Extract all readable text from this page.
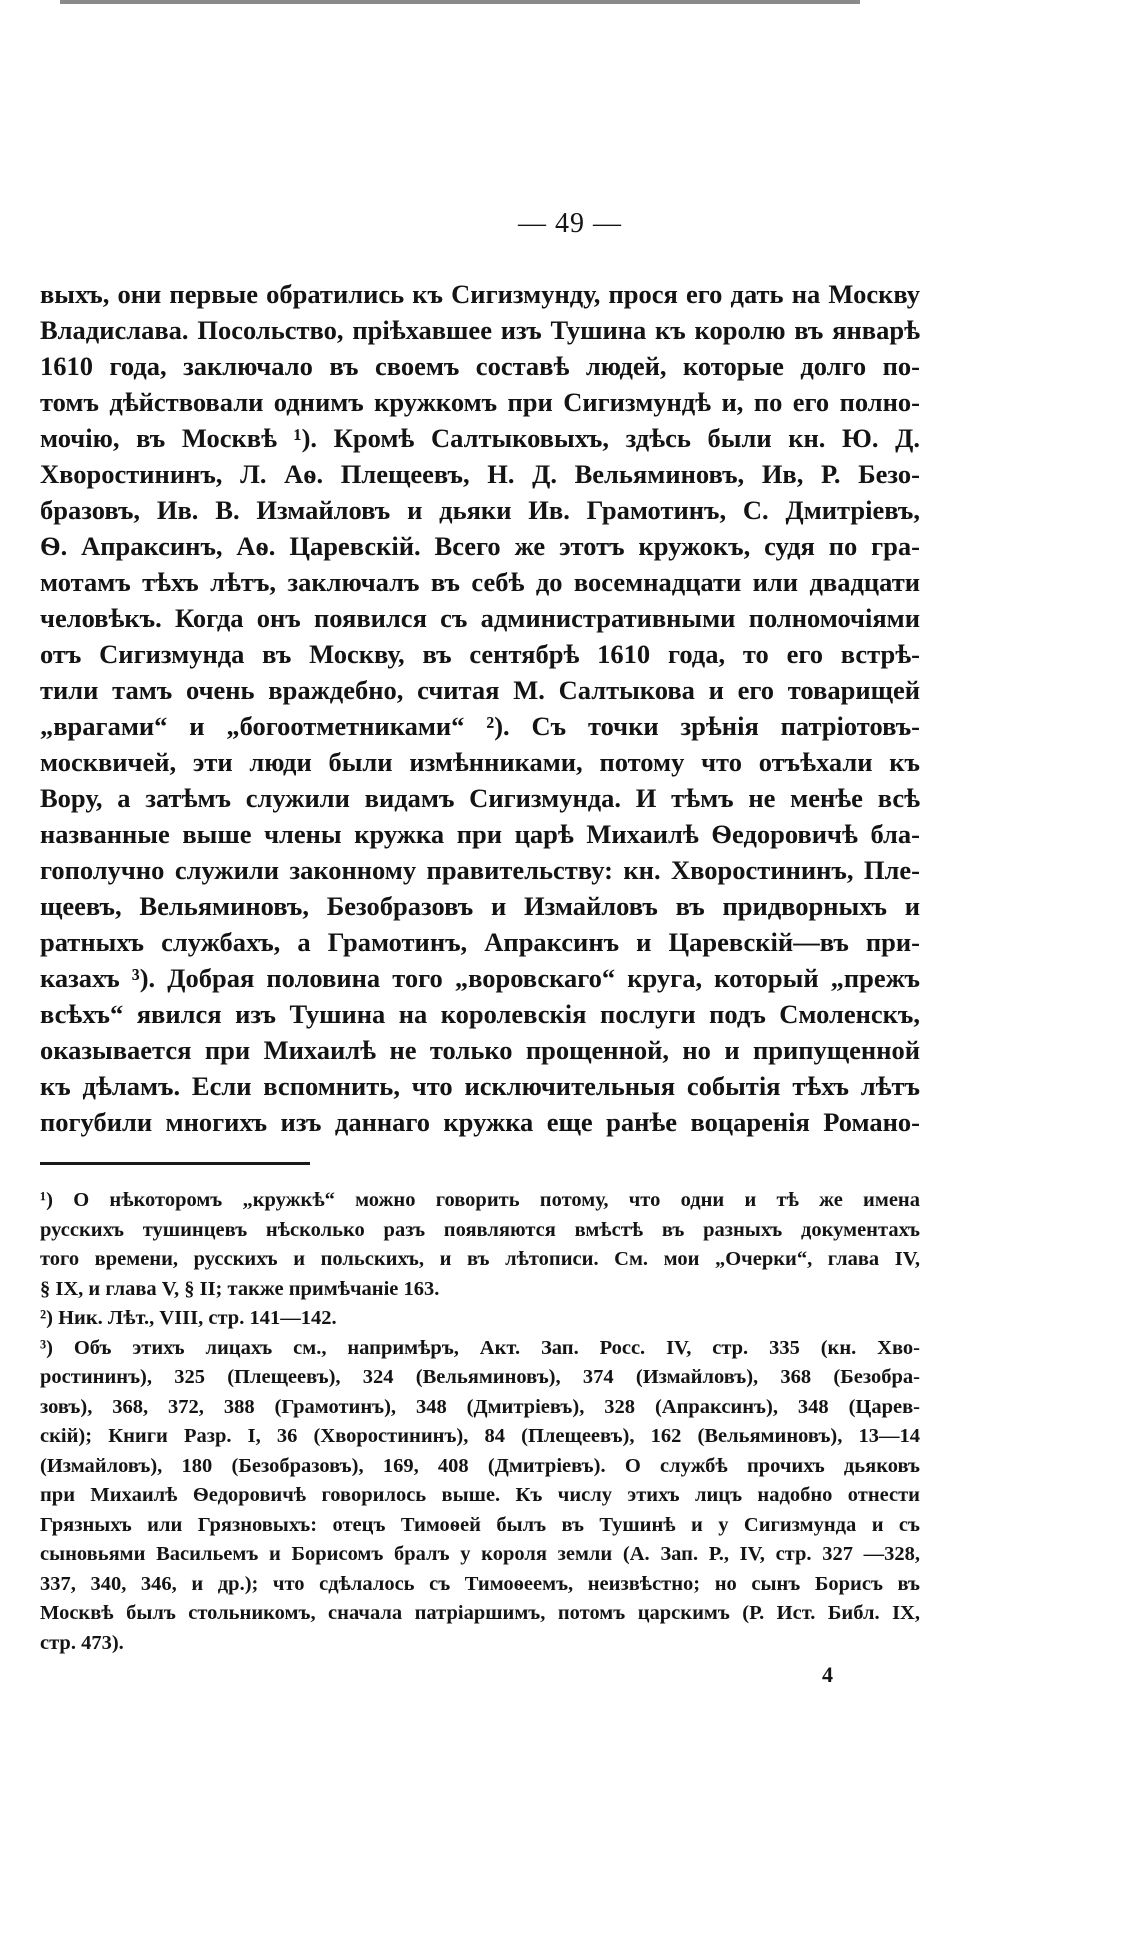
— 49 —
выхъ, они первые обратились къ Сигизмунду, прося его дать на Москву
Владислава. Посольство, пріѣхавшее изъ Тушина къ королю въ январѣ
1610 года, заключало въ своемъ составѣ людей, которые долго по-
томъ дѣйствовали однимъ кружкомъ при Сигизмундѣ и, по его полно-
мочію, въ Москвѣ ¹). Кромѣ Салтыковыхъ, здѣсь были кн. Ю. Д.
Хворостининъ, Л. Аѳ. Плещеевъ, Н. Д. Вельяминовъ, Ив, Р. Безо-
бразовъ, Ив. В. Измайловъ и дьяки Ив. Грамотинъ, С. Дмитріевъ,
Ѳ. Апраксинъ, Аѳ. Царевскій. Всего же этотъ кружокъ, судя по гра-
мотамъ тѣхъ лѣтъ, заключалъ въ себѣ до восемнадцати или двадцати
человѣкъ. Когда онъ появился съ административными полномочіями
отъ Сигизмунда въ Москву, въ сентябрѣ 1610 года, то его встрѣ-
тили тамъ очень враждебно, считая М. Салтыкова и его товарищей
„врагами“ и „богоотметниками“ ²). Съ точки зрѣнія патріотовъ-
москвичей, эти люди были измѣнниками, потому что отъѣхали къ
Вору, а затѣмъ служили видамъ Сигизмунда. И тѣмъ не менѣе всѣ
названные выше члены кружка при царѣ Михаилѣ Ѳедоровичѣ бла-
гополучно служили законному правительству: кн. Хворостининъ, Пле-
щеевъ, Вельяминовъ, Безобразовъ и Измайловъ въ придворныхъ и
ратныхъ службахъ, а Грамотинъ, Апраксинъ и Царевскій—въ при-
казахъ ³). Добрая половина того „воровскаго“ круга, который „прежъ
всѣхъ“ явился изъ Тушина на королевскія послуги подъ Смоленскъ,
оказывается при Михаилѣ не только прощенной, но и припущенной
къ дѣламъ. Если вспомнить, что исключительныя событія тѣхъ лѣтъ
погубили многихъ изъ даннаго кружка еще ранѣе воцаренія Романо-
¹) О нѣкоторомъ „кружкѣ“ можно говорить потому, что одни и тѣ же имена
русскихъ тушинцевъ нѣсколько разъ появляются вмѣстѣ въ разныхъ документахъ
того времени, русскихъ и польскихъ, и въ лѣтописи. См. мои „Очерки“, глава IV,
§ IX, и глава V, § II; также примѣчаніе 163.
²) Ник. Лѣт., VIII, стр. 141—142.
³) Объ этихъ лицахъ см., напримѣръ, Акт. Зап. Росс. IV, стр. 335 (кн. Хво-
ростининъ), 325 (Плещеевъ), 324 (Вельяминовъ), 374 (Измайловъ), 368 (Безобра-
зовъ), 368, 372, 388 (Грамотинъ), 348 (Дмитріевъ), 328 (Апраксинъ), 348 (Царев-
скій); Книги Разр. I, 36 (Хворостининъ), 84 (Плещеевъ), 162 (Вельяминовъ), 13—14
(Измайловъ), 180 (Безобразовъ), 169, 408 (Дмитріевъ). О службѣ прочихъ дьяковъ
при Михаилѣ Ѳедоровичѣ говорилось выше. Къ числу этихъ лицъ надобно отнести
Грязныхъ или Грязновыхъ: отецъ Тимоѳей былъ въ Тушинѣ и у Сигизмунда и съ
сыновьями Васильемъ и Борисомъ бралъ у короля земли (А. Зап. Р., IV, стр. 327 —328,
337, 340, 346, и др.); что сдѣлалось съ Тимоѳеемъ, неизвѣстно; но сынъ Борисъ въ
Москвѣ былъ стольникомъ, сначала патріаршимъ, потомъ царскимъ (Р. Ист. Библ. IX,
стр. 473).
4
